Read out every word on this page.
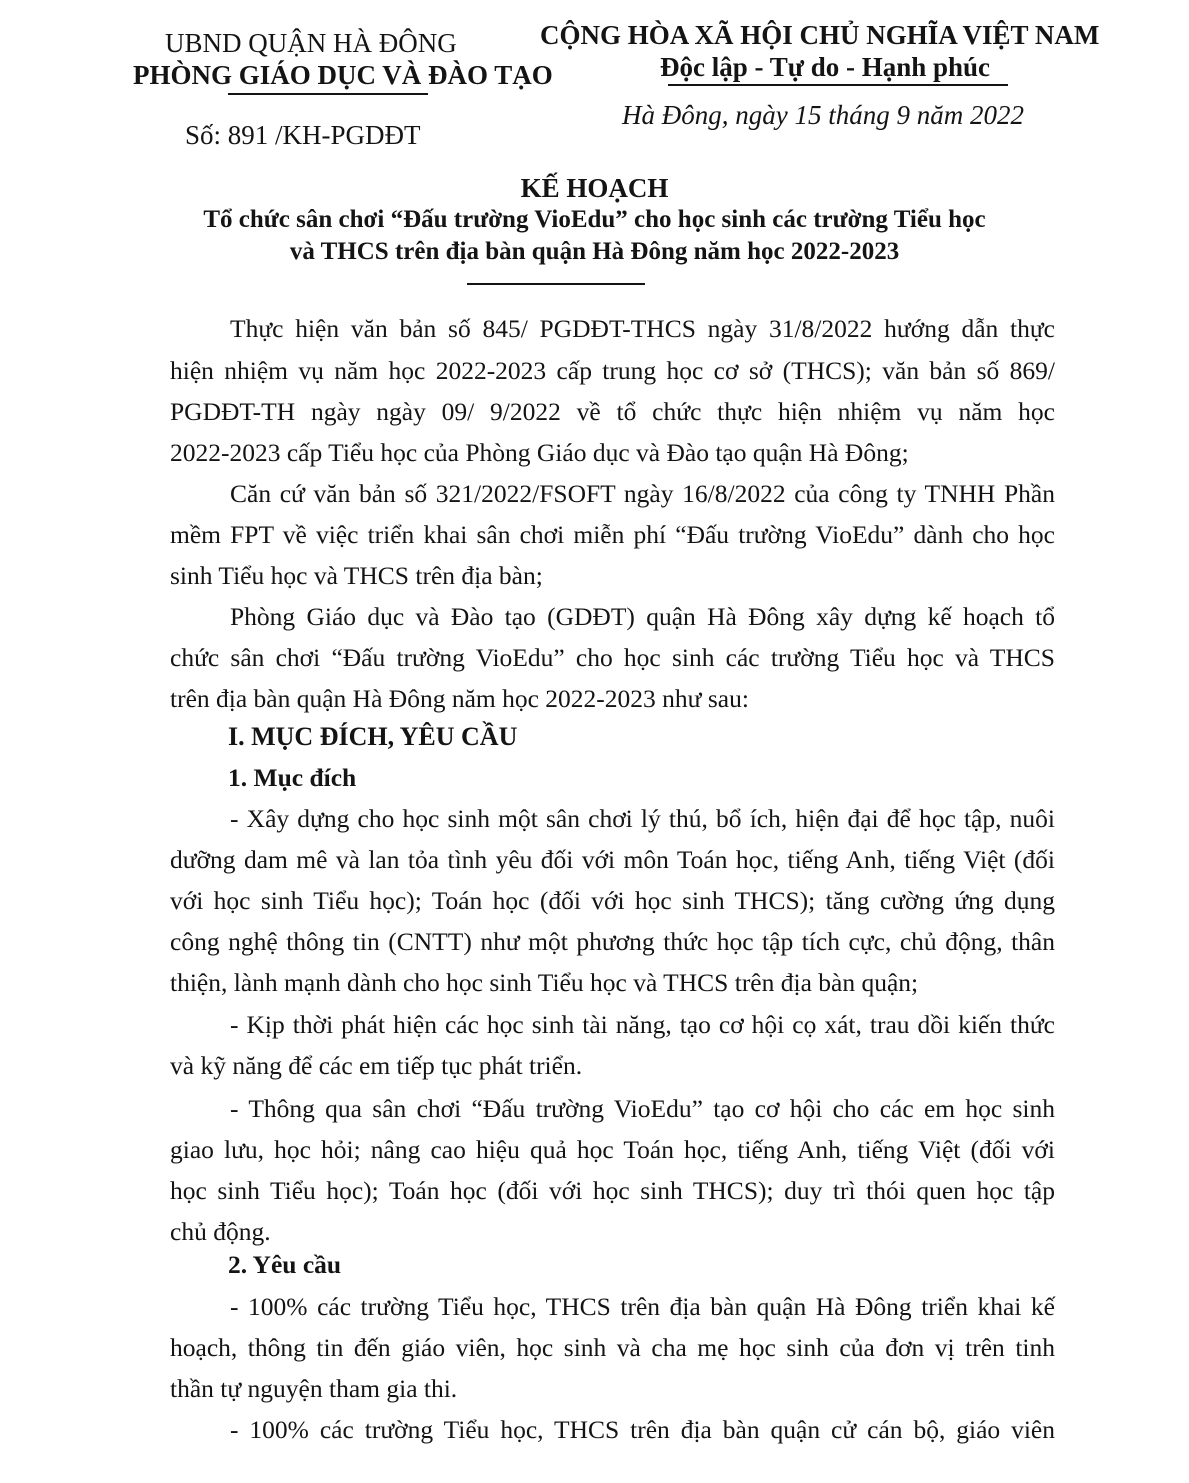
UBND QUẬN HÀ ĐÔNG
PHÒNG GIÁO DỤC VÀ ĐÀO TẠO
Số: 891 /KH-PGDĐT
CỘNG HÒA XÃ HỘI CHỦ NGHĨA VIỆT NAM
Độc lập - Tự do - Hạnh phúc
Hà Đông, ngày 15 tháng 9 năm 2022
KẾ HOẠCH
Tổ chức sân chơi “Đấu trường VioEdu” cho học sinh các trường Tiểu học
và THCS trên địa bàn quận Hà Đông năm học 2022-2023
Thực hiện văn bản số 845/ PGDĐT-THCS ngày 31/8/2022 hướng dẫn thực
hiện nhiệm vụ năm học 2022-2023 cấp trung học cơ sở (THCS); văn bản số 869/
PGDĐT-TH ngày ngày 09/ 9/2022 về tổ chức thực hiện nhiệm vụ năm học
2022-2023 cấp Tiểu học của Phòng Giáo dục và Đào tạo quận Hà Đông;
Căn cứ văn bản số 321/2022/FSOFT ngày 16/8/2022 của công ty TNHH Phần
mềm FPT về việc triển khai sân chơi miễn phí “Đấu trường VioEdu” dành cho học
sinh Tiểu học và THCS trên địa bàn;
Phòng Giáo dục và Đào tạo (GDĐT) quận Hà Đông xây dựng kế hoạch tổ
chức sân chơi “Đấu trường VioEdu” cho học sinh các trường Tiểu học và THCS
trên địa bàn quận Hà Đông năm học 2022-2023 như sau:
I. MỤC ĐÍCH, YÊU CẦU
1. Mục đích
- Xây dựng cho học sinh một sân chơi lý thú, bổ ích, hiện đại để học tập, nuôi
dưỡng dam mê và lan tỏa tình yêu đối với môn Toán học, tiếng Anh, tiếng Việt (đối
với học sinh Tiểu học); Toán học (đối với học sinh THCS); tăng cường ứng dụng
công nghệ thông tin (CNTT) như một phương thức học tập tích cực, chủ động, thân
thiện, lành mạnh dành cho học sinh Tiểu học và THCS trên địa bàn quận;
- Kịp thời phát hiện các học sinh tài năng, tạo cơ hội cọ xát, trau dồi kiến thức
và kỹ năng để các em tiếp tục phát triển.
- Thông qua sân chơi “Đấu trường VioEdu” tạo cơ hội cho các em học sinh
giao lưu, học hỏi; nâng cao hiệu quả học Toán học, tiếng Anh, tiếng Việt (đối với
học sinh Tiểu học); Toán học (đối với học sinh THCS); duy trì thói quen học tập
chủ động.
2. Yêu cầu
- 100% các trường Tiểu học, THCS trên địa bàn quận Hà Đông triển khai kế
hoạch, thông tin đến giáo viên, học sinh và cha mẹ học sinh của đơn vị trên tinh
thần tự nguyện tham gia thi.
- 100% các trường Tiểu học, THCS trên địa bàn quận cử cán bộ, giáo viên
